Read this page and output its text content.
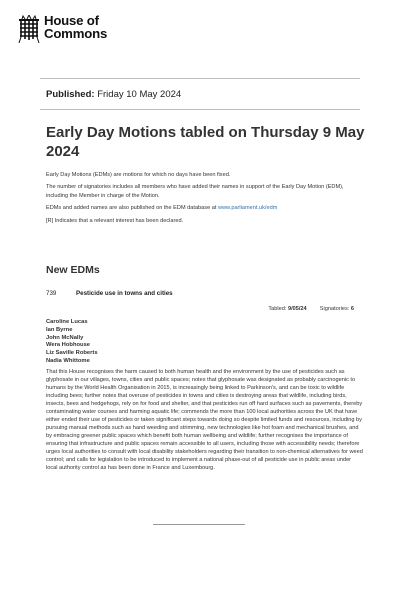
House of
Commons
Published: Friday 10 May 2024
Early Day Motions tabled on Thursday 9 May 2024

Early Day Motions (EDMs) are motions for which no days have been fixed.

The number of signatories includes all members who have added their names in support of the Early Day Motion (EDM), including the Member in charge of the Motion.

EDMs and added names are also published on the EDM database at www.parliament.uk/edm

[R] Indicates that a relevant interest has been declared.

New EDMs
739	Pesticide use in towns and cities
Tabled: 9/05/24 Signatories: 6
Caroline Lucas
Ian Byrne
John McNally
Wera Hobhouse
Liz Saville Roberts
Nadia Whittome
That this House recognises the harm caused to both human health and the environment by the use of pesticides such as glyphosate in our villages, towns, cities and public spaces; notes that glyphosate was designated as probably carcinogenic to humans by the World Health Organisation in 2015, is increasingly being linked to Parkinson's, and can be toxic to wildlife including bees; further notes that overuse of pesticides in towns and cities is destroying areas that wildlife, including birds, insects, bees and hedgehogs, rely on for food and shelter, and that pesticides run off hard surfaces such as pavements, thereby contaminating water courses and harming aquatic life; commends the more than 100 local authorities across the UK that have either ended their use of pesticides or taken significant steps towards doing so despite limited funds and resources, including by pursuing manual methods such as hand weeding and strimming, new technologies like hot foam and mechanical brushes, and by embracing greener public spaces which benefit both human wellbeing and wildlife; further recognises the importance of ensuring that infrastructure and public spaces remain accessible to all users, including those with accessibility needs; therefore urges local authorities to consult with local disability stakeholders regarding their transition to non-chemical alternatives for weed control; and calls for legislation to be introduced to implement a national phase-out of all pesticide use in public areas under local authority control as has been done in France and Luxembourg.
